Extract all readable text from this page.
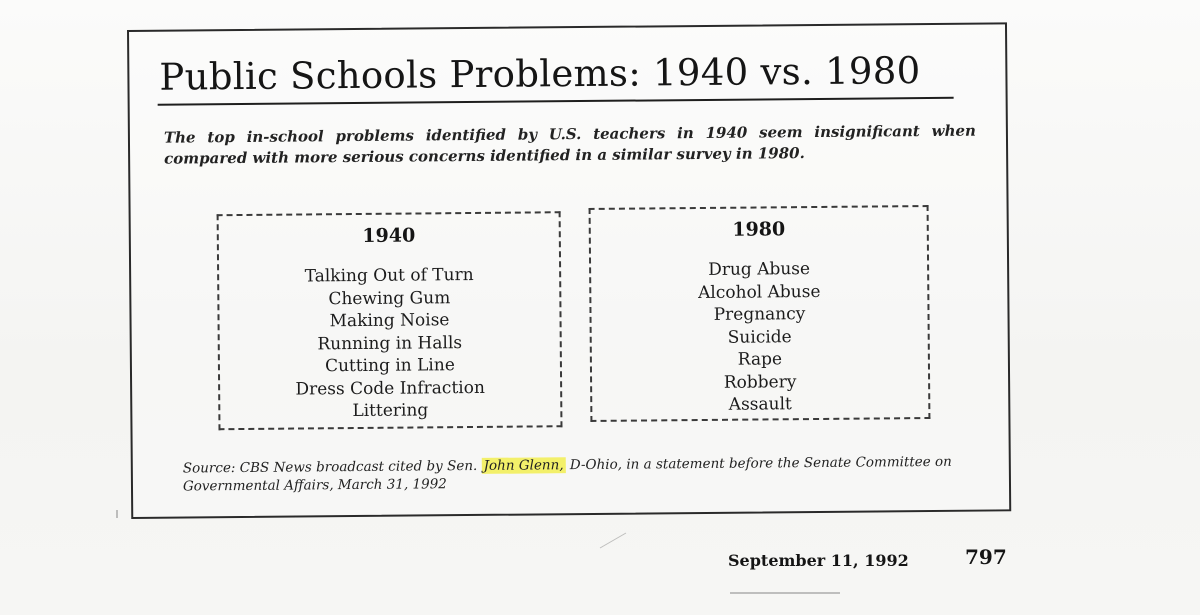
Public Schools Problems: 1940 vs. 1980
The top in-school problems identified by U.S. teachers in 1940 seem insignificant when compared with more serious concerns identified in a similar survey in 1980.
1940
Talking Out of Turn
Chewing Gum
Making Noise
Running in Halls
Cutting in Line
Dress Code Infraction
Littering
1980
Drug Abuse
Alcohol Abuse
Pregnancy
Suicide
Rape
Robbery
Assault
Source: CBS News broadcast cited by Sen. John Glenn, D-Ohio, in a statement before the Senate Committee on Governmental Affairs, March 31, 1992
September 11, 1992	797
